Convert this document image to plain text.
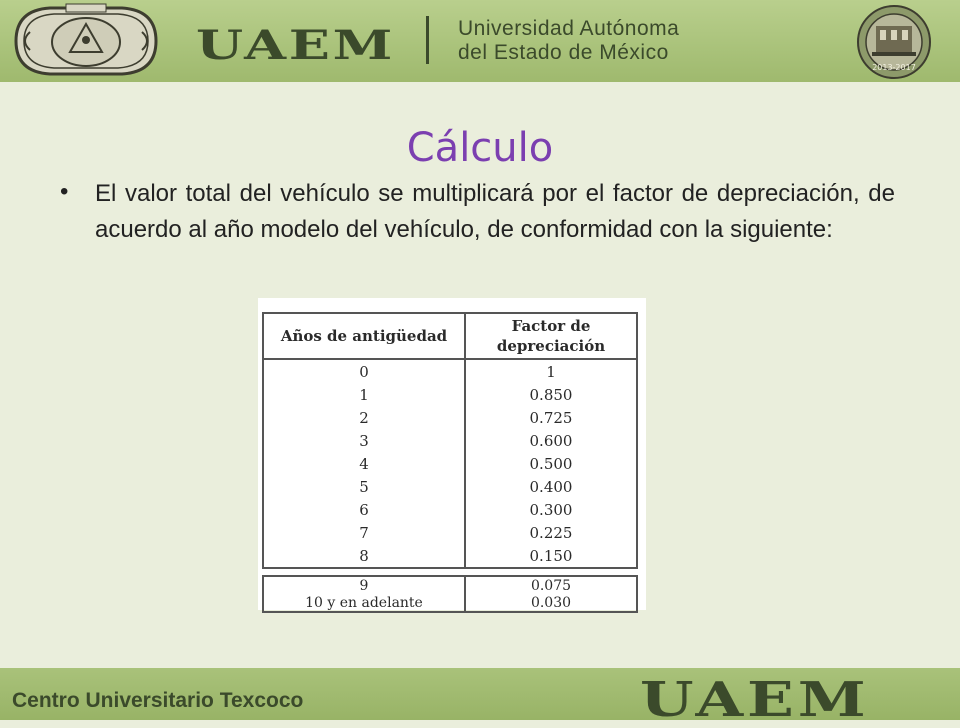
UAEM	Universidad Autónoma
del Estado de México
2013-2017
Cálculo
• El valor total del vehículo se multiplicará por el factor de depreciación, de acuerdo al año modelo del vehículo, de conformidad con la siguiente:
Años de antigüedad	Factor de depreciación
0	1
1	0.850
2	0.725
3	0.600
4	0.500
5	0.400
6	0.300
7	0.225
8	0.150

9	0.075
10 y en adelante	0.030
Centro Universitario Texcoco	UAEM
